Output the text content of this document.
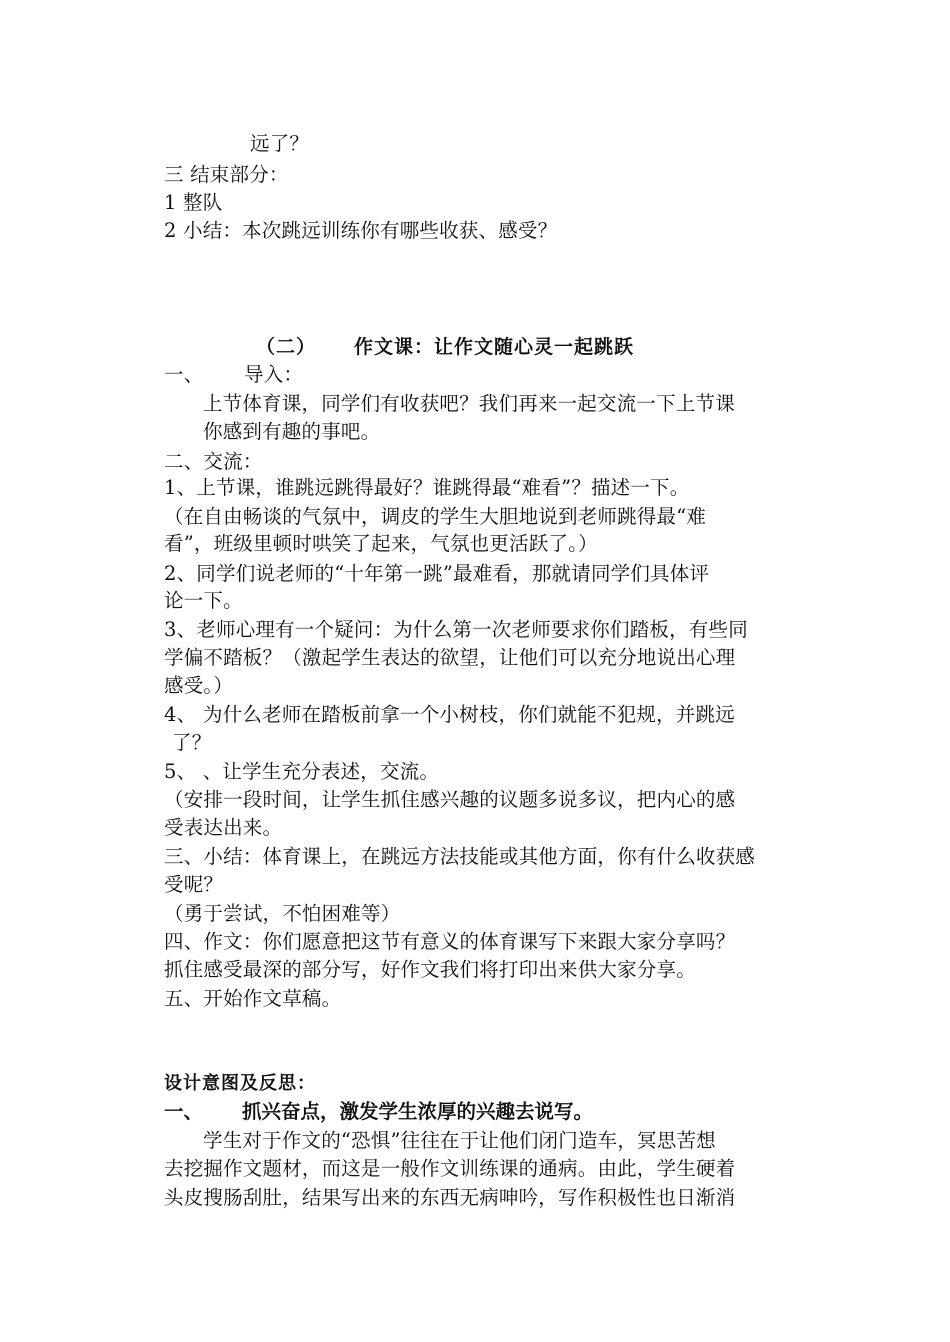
远了？

三 结束部分：

1 整队

2 小结：本次跳远训练你有哪些收获、感受？

（二） 作文课：让作文随心灵一起跳跃

一、 导入：

上节体育课，同学们有收获吧？我们再来一起交流一下上节课

你感到有趣的事吧。

二、交流：

1、上节课，谁跳远跳得最好？谁跳得最“难看”？描述一下。

（在自由畅谈的气氛中，调皮的学生大胆地说到老师跳得最“难

看”，班级里顿时哄笑了起来，气氛也更活跃了。）

2、同学们说老师的“十年第一跳”最难看，那就请同学们具体评

论一下。

3、老师心理有一个疑问：为什么第一次老师要求你们踏板，有些同

学偏不踏板？（激起学生表达的欲望，让他们可以充分地说出心理

感受。）

4、 为什么老师在踏板前拿一个小树枝，你们就能不犯规，并跳远

了？

5、 、让学生充分表述，交流。

（安排一段时间，让学生抓住感兴趣的议题多说多议，把内心的感

受表达出来。

三、小结：体育课上，在跳远方法技能或其他方面，你有什么收获感

受呢？

（勇于尝试，不怕困难等）

四、作文：你们愿意把这节有意义的体育课写下来跟大家分享吗？

抓住感受最深的部分写，好作文我们将打印出来供大家分享。

五、开始作文草稿。

设计意图及反思：

一、 抓兴奋点，激发学生浓厚的兴趣去说写。

学生对于作文的“恐惧”往往在于让他们闭门造车，冥思苦想

去挖掘作文题材，而这是一般作文训练课的通病。由此，学生硬着

头皮搜肠刮肚，结果写出来的东西无病呻吟，写作积极性也日渐消
